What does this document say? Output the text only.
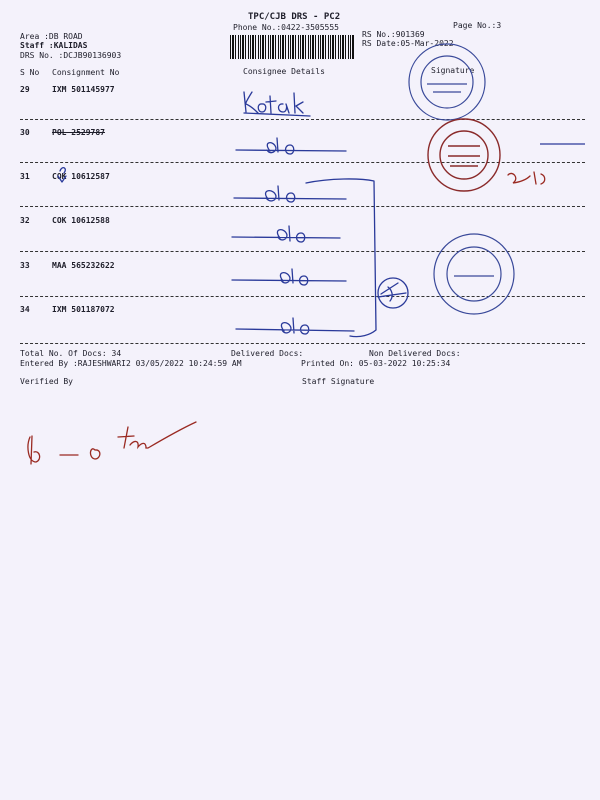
TPC/CJB DRS - PC2
Phone No.:0422-3505555	Page No.:3
Area :DB ROAD
Staff :KALIDAS
DRS No. :DCJB90136903
RS No.:901369
RS Date:05-Mar-2022
S No Consignment No	Consignee Details	Signature
29	IXM 501145977
30	POL 2529787
31	COK 10612587
32	COK 10612588
33	MAA 565232622
34	IXM 501187072
Total No. Of Docs: 34	Delivered Docs:	Non Delivered Docs:
Entered By :RAJESHWARI2 03/05/2022 10:24:59 AM	Printed On: 05-03-2022 10:25:34
Verified By	Staff Signature
